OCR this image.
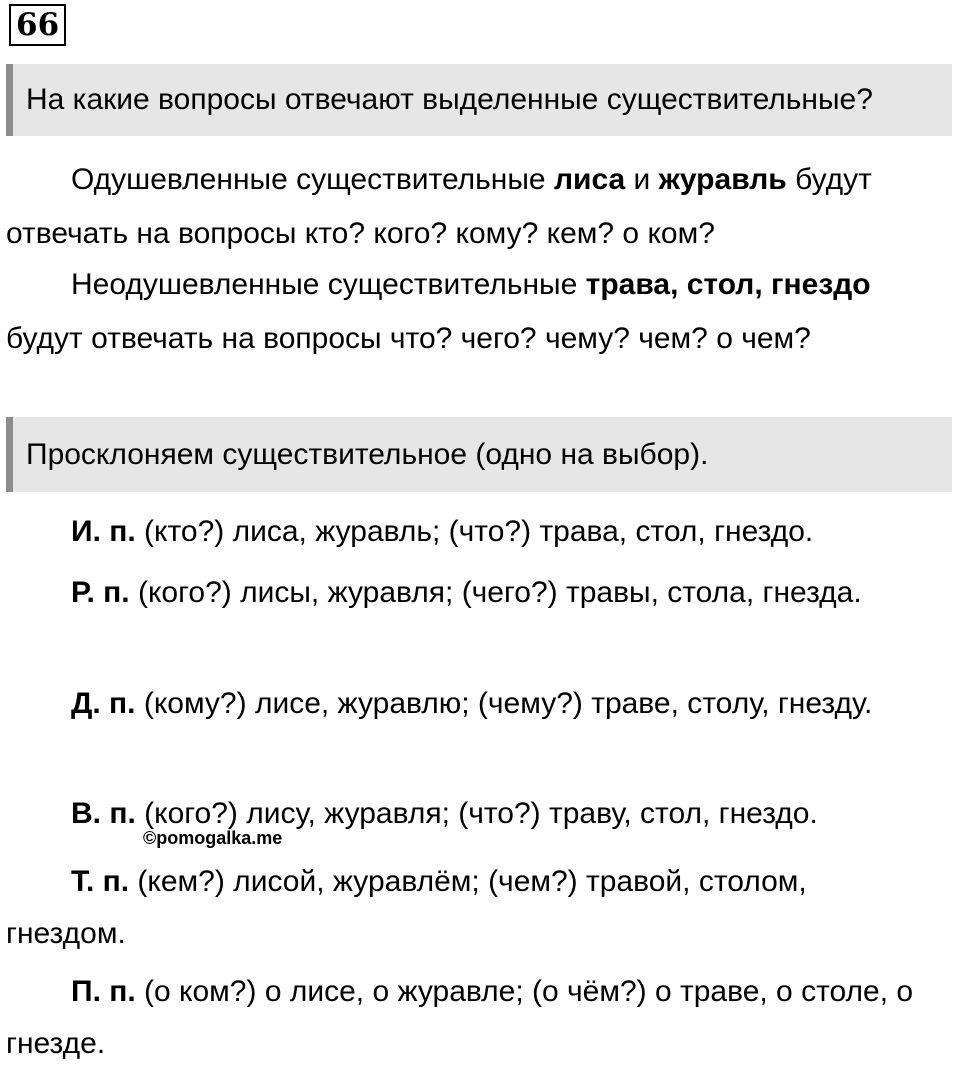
66
На какие вопросы отвечают выделенные существительные?

Одушевленные существительные лиса и журавль будут отвечать на вопросы кто? кого? кому? кем? о ком?

Неодушевленные существительные трава, стол, гнездо будут отвечать на вопросы что? чего? чему? чем? о чем?

Просклоняем существительное (одно на выбор).

И. п. (кто?) лиса, журавль; (что?) трава, стол, гнездо.

Р. п. (кого?) лисы, журавля; (чего?) травы, стола, гнезда.

Д. п. (кому?) лисе, журавлю; (чему?) траве, столу, гнезду.

В. п. (кого?) лису, журавля; (что?) траву, стол, гнездо.

©pomogalka.me

Т. п. (кем?) лисой, журавлём; (чем?) травой, столом, гнездом.

П. п. (о ком?) о лисе, о журавле; (о чём?) о траве, о столе, о гнезде.
